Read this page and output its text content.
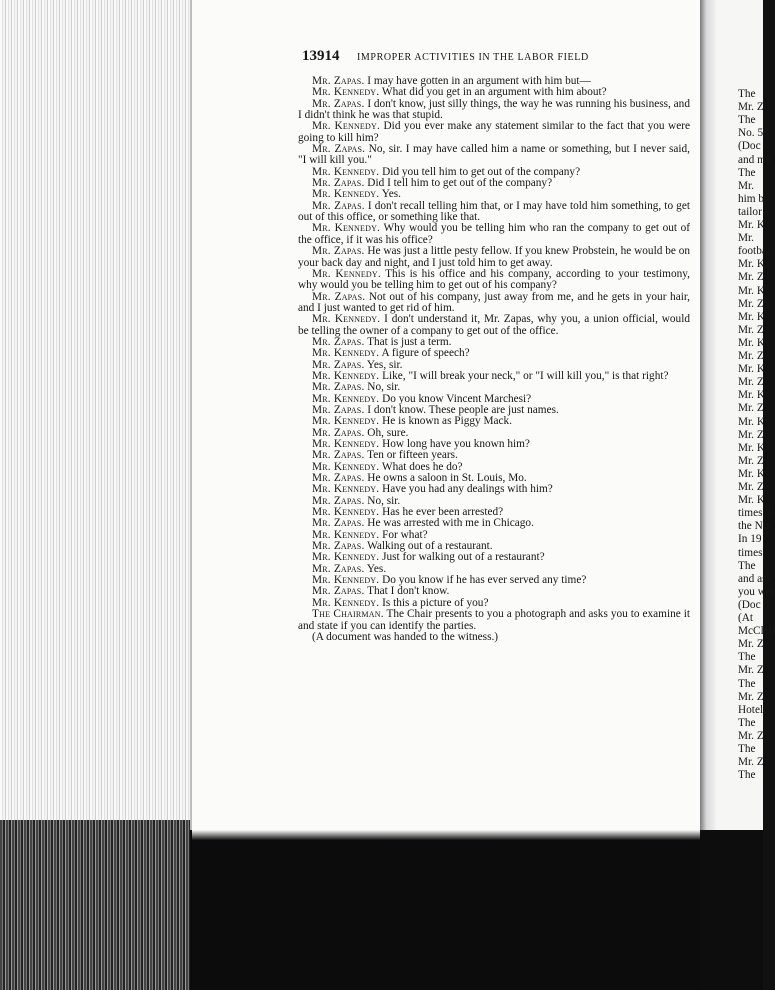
13914 IMPROPER ACTIVITIES IN THE LABOR FIELD

Mr. Zapas. I may have gotten in an argument with him but—

Mr. Kennedy. What did you get in an argument with him about?

Mr. Zapas. I don't know, just silly things, the way he was running his business, and I didn't think he was that stupid.

Mr. Kennedy. Did you ever make any statement similar to the fact that you were going to kill him?

Mr. Zapas. No, sir. I may have called him a name or something, but I never said, "I will kill you."

Mr. Kennedy. Did you tell him to get out of the company?

Mr. Zapas. Did I tell him to get out of the company?

Mr. Kennedy. Yes.

Mr. Zapas. I don't recall telling him that, or I may have told him something, to get out of this office, or something like that.

Mr. Kennedy. Why would you be telling him who ran the company to get out of the office, if it was his office?

Mr. Zapas. He was just a little pesty fellow. If you knew Probstein, he would be on your back day and night, and I just told him to get away.

Mr. Kennedy. This is his office and his company, according to your testimony, why would you be telling him to get out of his company?

Mr. Zapas. Not out of his company, just away from me, and he gets in your hair, and I just wanted to get rid of him.

Mr. Kennedy. I don't understand it, Mr. Zapas, why you, a union official, would be telling the owner of a company to get out of the office.

Mr. Zapas. That is just a term.

Mr. Kennedy. A figure of speech?

Mr. Zapas. Yes, sir.

Mr. Kennedy. Like, "I will break your neck," or "I will kill you," is that right?

Mr. Zapas. No, sir.

Mr. Kennedy. Do you know Vincent Marchesi?

Mr. Zapas. I don't know. These people are just names.

Mr. Kennedy. He is known as Piggy Mack.

Mr. Zapas. Oh, sure.

Mr. Kennedy. How long have you known him?

Mr. Zapas. Ten or fifteen years.

Mr. Kennedy. What does he do?

Mr. Zapas. He owns a saloon in St. Louis, Mo.

Mr. Kennedy. Have you had any dealings with him?

Mr. Zapas. No, sir.

Mr. Kennedy. Has he ever been arrested?

Mr. Zapas. He was arrested with me in Chicago.

Mr. Kennedy. For what?

Mr. Zapas. Walking out of a restaurant.

Mr. Kennedy. Just for walking out of a restaurant?

Mr. Zapas. Yes.

Mr. Kennedy. Do you know if he has ever served any time?

Mr. Zapas. That I don't know.

Mr. Kennedy. Is this a picture of you?

The Chairman. The Chair presents to you a photograph and asks you to examine it and state if you can identify the parties.

(A document was handed to the witness.)

The
Mr. Z
The
No. 58.
(Doc
and ma
The
Mr.
him by
tailor s
Mr. K
Mr.
footbal
Mr. K
Mr. Z
Mr. K
Mr. Z
Mr. K
Mr. Z
Mr. K
Mr. Z
Mr. K
Mr. Z
Mr. K
Mr. Z
Mr. K
Mr. Z
Mr. K
Mr. Z
Mr. K
Mr. Z
Mr. K
times, I
the Nar
In 19
times.
The
and ask
you wer
(Doc
(At
McClell
Mr. Z
The
Mr. Z
The
Mr. Z
Hotel.
The
Mr. Z
The
Mr. Z
The
